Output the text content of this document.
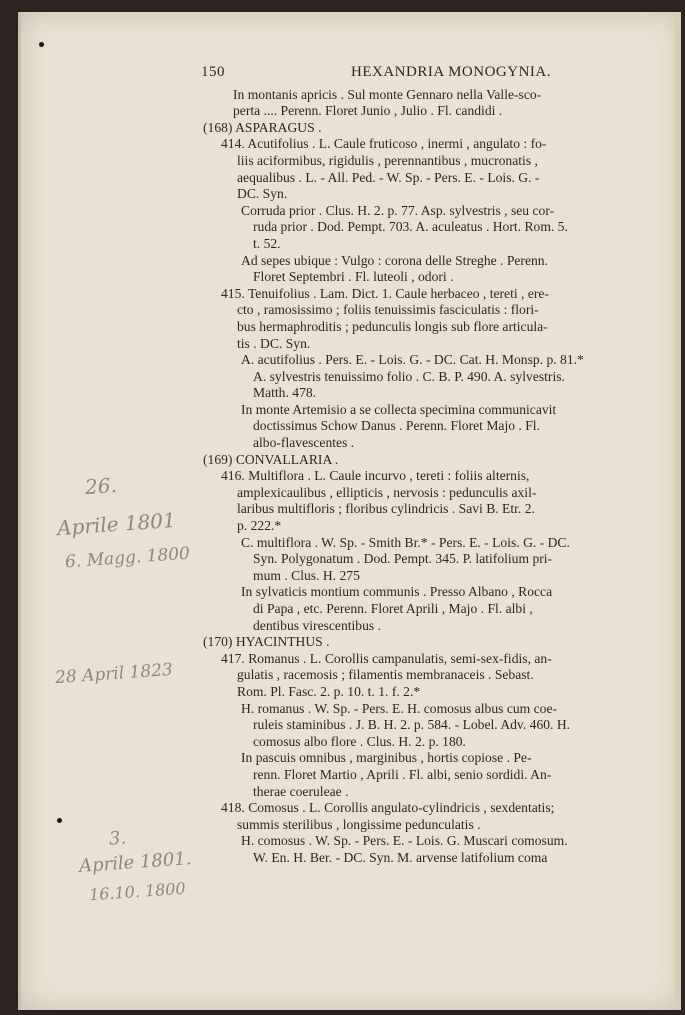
150	HEXANDRIA MONOGYNIA.
In montanis apricis . Sul monte Gennaro nella Valle-sco-
perta .... Perenn. Floret Junio , Julio . Fl. candidi .
(168) ASPARAGUS .
414. Acutifolius . L. Caule fruticoso , inermi , angulato : fo-
liis aciformibus, rigidulis , perennantibus , mucronatis ,
aequalibus . L. - All. Ped. - W. Sp. - Pers. E. - Lois. G. -
DC. Syn.
Corruda prior . Clus. H. 2. p. 77. Asp. sylvestris , seu cor-
ruda prior . Dod. Pempt. 703. A. aculeatus . Hort. Rom. 5.
t. 52.
Ad sepes ubique : Vulgo : corona delle Streghe . Perenn.
Floret Septembri . Fl. luteoli , odori .
415. Tenuifolius . Lam. Dict. 1. Caule herbaceo , tereti , ere-
cto , ramosissimo ; foliis tenuissimis fasciculatis : flori-
bus hermaphroditis ; pedunculis longis sub flore articula-
tis . DC. Syn.
A. acutifolius . Pers. E. - Lois. G. - DC. Cat. H. Monsp. p. 81.*
A. sylvestris tenuissimo folio . C. B. P. 490. A. sylvestris.
Matth. 478.
In monte Artemisio a se collecta specimina communicavit
doctissimus Schow Danus . Perenn. Floret Majo . Fl.
albo-flavescentes .
(169) CONVALLARIA .
416. Multiflora . L. Caule incurvo , tereti : foliis alternis,
amplexicaulibus , ellipticis , nervosis : pedunculis axil-
laribus multifloris ; floribus cylindricis . Savi B. Etr. 2.
p. 222.*
C. multiflora . W. Sp. - Smith Br.* - Pers. E. - Lois. G. - DC.
Syn. Polygonatum . Dod. Pempt. 345. P. latifolium pri-
mum . Clus. H. 275
In sylvaticis montium communis . Presso Albano , Rocca
di Papa , etc. Perenn. Floret Aprili , Majo . Fl. albi ,
dentibus virescentibus .
(170) HYACINTHUS .
417. Romanus . L. Corollis campanulatis, semi-sex-fidis, an-
gulatis , racemosis ; filamentis membranaceis . Sebast.
Rom. Pl. Fasc. 2. p. 10. t. 1. f. 2.*
H. romanus . W. Sp. - Pers. E. H. comosus albus cum coe-
ruleis staminibus . J. B. H. 2. p. 584. - Lobel. Adv. 460. H.
comosus albo flore . Clus. H. 2. p. 180.
In pascuis omnibus , marginibus , hortis copiose . Pe-
renn. Floret Martio , Aprili . Fl. albi, senio sordidi. An-
therae coeruleae .
418. Comosus . L. Corollis angulato-cylindricis , sexdentatis;
summis sterilibus , longissime pedunculatis .
H. comosus . W. Sp. - Pers. E. - Lois. G. Muscari comosum.
W. En. H. Ber. - DC. Syn. M. arvense latifolium coma
26.
Aprile 1801
6. Magg. 1800
28 April 1823
3.
Aprile 1801.
16.10. 1800
